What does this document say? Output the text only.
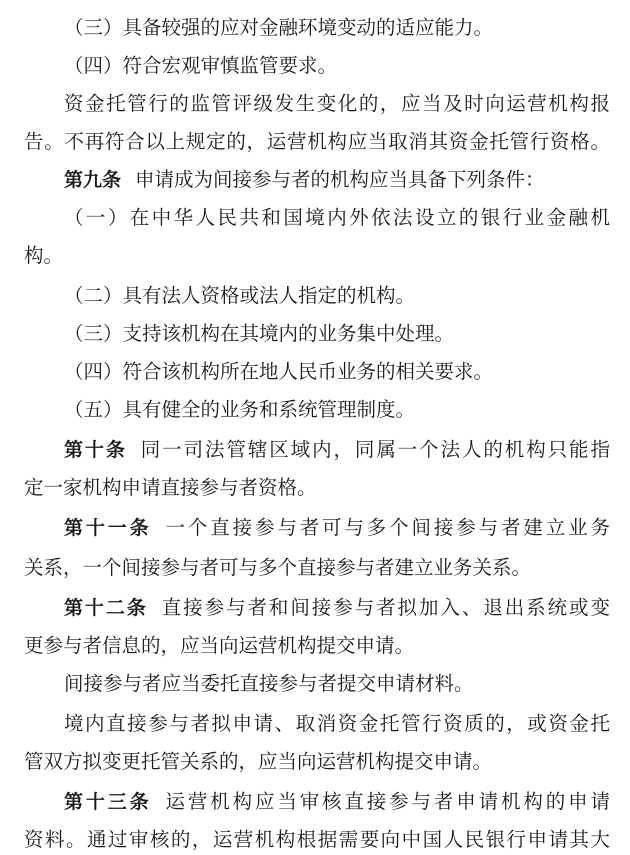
（三）具备较强的应对金融环境变动的适应能力。
（四）符合宏观审慎监管要求。
资金托管行的监管评级发生变化的，应当及时向运营机构报
告。不再符合以上规定的，运营机构应当取消其资金托管行资格。
第九条 申请成为间接参与者的机构应当具备下列条件：
（一）在中华人民共和国境内外依法设立的银行业金融机
构。
（二）具有法人资格或法人指定的机构。
（三）支持该机构在其境内的业务集中处理。
（四）符合该机构所在地人民币业务的相关要求。
（五）具有健全的业务和系统管理制度。
第十条 同一司法管辖区域内，同属一个法人的机构只能指
定一家机构申请直接参与者资格。
第十一条 一个直接参与者可与多个间接参与者建立业务
关系，一个间接参与者可与多个直接参与者建立业务关系。
第十二条 直接参与者和间接参与者拟加入、退出系统或变
更参与者信息的，应当向运营机构提交申请。
间接参与者应当委托直接参与者提交申请材料。
境内直接参与者拟申请、取消资金托管行资质的，或资金托
管双方拟变更托管关系的，应当向运营机构提交申请。
第十三条 运营机构应当审核直接参与者申请机构的申请
资料。通过审核的，运营机构根据需要向中国人民银行申请其大
